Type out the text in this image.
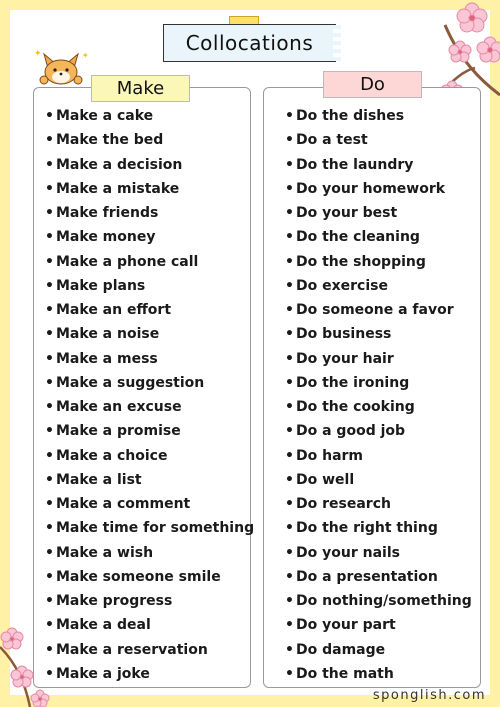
✦	✦
Collocations
Make	Do
• Make a cake
• Make the bed
• Make a decision
• Make a mistake
• Make friends
• Make money
• Make a phone call
• Make plans
• Make an effort
• Make a noise
• Make a mess
• Make a suggestion
• Make an excuse
• Make a promise
• Make a choice
• Make a list
• Make a comment
• Make time for something
• Make a wish
• Make someone smile
• Make progress
• Make a deal
• Make a reservation
• Make a joke
• Do the dishes
• Do a test
• Do the laundry
• Do your homework
• Do your best
• Do the cleaning
• Do the shopping
• Do exercise
• Do someone a favor
• Do business
• Do your hair
• Do the ironing
• Do the cooking
• Do a good job
• Do harm
• Do well
• Do research
• Do the right thing
• Do your nails
• Do a presentation
• Do nothing/something
• Do your part
• Do damage
• Do the math
sponglish.com
